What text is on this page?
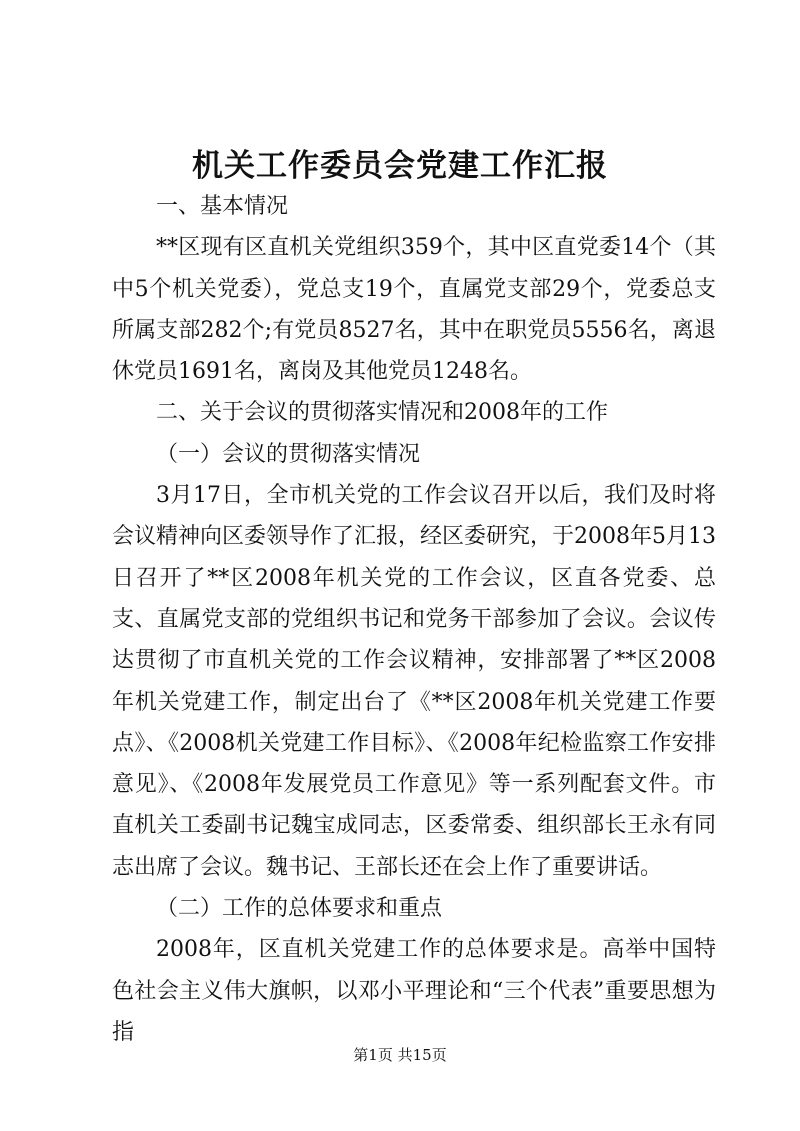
机关工作委员会党建工作汇报

一、基本情况

**区现有区直机关党组织359个，其中区直党委14个（其中5个机关党委），党总支19个，直属党支部29个，党委总支所属支部282个;有党员8527名，其中在职党员5556名，离退休党员1691名，离岗及其他党员1248名。

二、关于会议的贯彻落实情况和2008年的工作

（一）会议的贯彻落实情况

3月17日，全市机关党的工作会议召开以后，我们及时将会议精神向区委领导作了汇报，经区委研究，于2008年5月13日召开了**区2008年机关党的工作会议，区直各党委、总支、直属党支部的党组织书记和党务干部参加了会议。会议传达贯彻了市直机关党的工作会议精神，安排部署了**区2008年机关党建工作，制定出台了《**区2008年机关党建工作要点》、《2008机关党建工作目标》、《2008年纪检监察工作安排意见》、《2008年发展党员工作意见》等一系列配套文件。市直机关工委副书记魏宝成同志，区委常委、组织部长王永有同志出席了会议。魏书记、王部长还在会上作了重要讲话。

（二）工作的总体要求和重点

2008年，区直机关党建工作的总体要求是。高举中国特色社会主义伟大旗帜，以邓小平理论和“三个代表”重要思想为指

第1页 共15页
